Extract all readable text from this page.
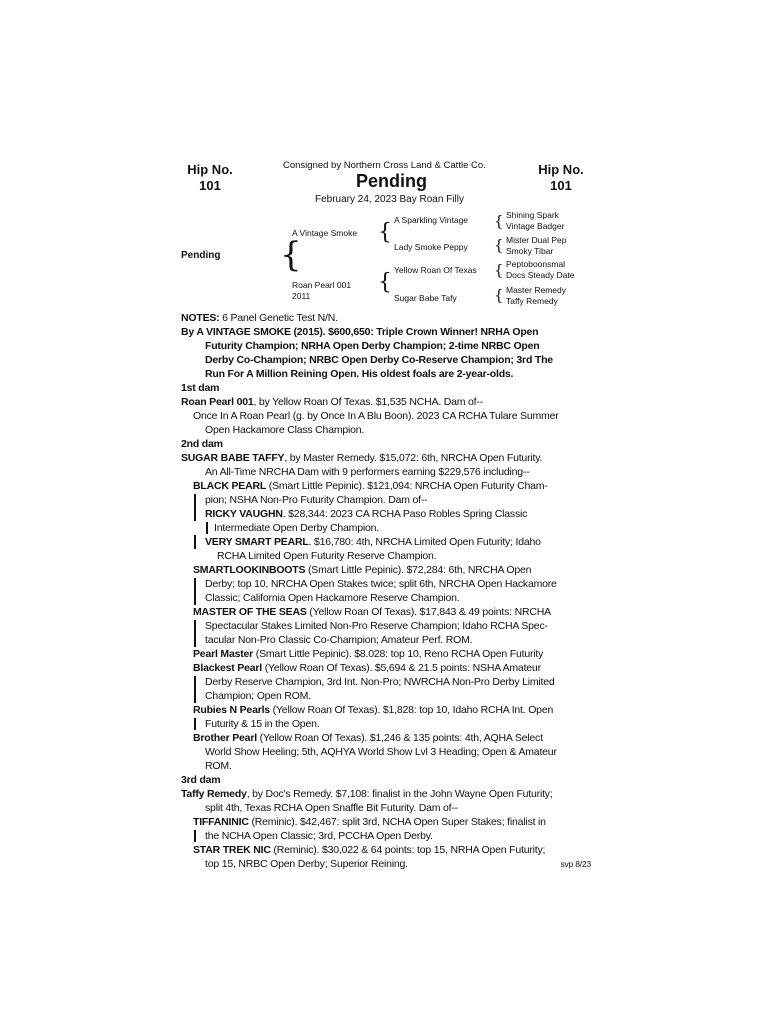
Hip No.
101
Hip No.
101
Consigned by Northern Cross Land & Cattle Co.
Pending
February 24, 2023 Bay Roan Filly
Pending {
A Vintage Smoke
Roan Pearl 001
2011
{
{
A Sparkling Vintage
Lady Smoke Peppy
Yellow Roan Of Texas
Sugar Babe Tafy
{
{
{
{
Shining Spark
Vintage Badger
Mister Dual Pep
Smoky Tibar
Peptoboonsmal
Docs Steady Date
Master Remedy
Taffy Remedy

NOTES: 6 Panel Genetic Test N/N.

By A VINTAGE SMOKE (2015). $600,650: Triple Crown Winner! NRHA Open

Futurity Champion; NRHA Open Derby Champion; 2-time NRBC Open

Derby Co-Champion; NRBC Open Derby Co-Reserve Champion; 3rd The

Run For A Million Reining Open. His oldest foals are 2-year-olds.

1st dam

Roan Pearl 001, by Yellow Roan Of Texas. $1,535 NCHA. Dam of--

Once In A Roan Pearl (g. by Once In A Blu Boon). 2023 CA RCHA Tulare Summer

Open Hackamore Class Champion.

2nd dam

SUGAR BABE TAFFY, by Master Remedy. $15,072: 6th, NRCHA Open Futurity.

An All-Time NRCHA Dam with 9 performers earning $229,576 including--

BLACK PEARL (Smart Little Pepinic). $121,094: NRCHA Open Futurity Cham-

pion; NSHA Non-Pro Futurity Champion. Dam of--

RICKY VAUGHN. $28,344: 2023 CA RCHA Paso Robles Spring Classic

Intermediate Open Derby Champion.

VERY SMART PEARL. $16,780: 4th, NRCHA Limited Open Futurity; Idaho

RCHA Limited Open Futurity Reserve Champion.

SMARTLOOKINBOOTS (Smart Little Pepinic). $72,284: 6th, NRCHA Open

Derby; top 10, NRCHA Open Stakes twice; split 6th, NRCHA Open Hackamore

Classic; California Open Hackamore Reserve Champion.

MASTER OF THE SEAS (Yellow Roan Of Texas). $17,843 & 49 points: NRCHA

Spectacular Stakes Limited Non-Pro Reserve Champion; Idaho RCHA Spec-

tacular Non-Pro Classic Co-Champion; Amateur Perf. ROM.

Pearl Master (Smart Little Pepinic). $8.028: top 10, Reno RCHA Open Futurity

Blackest Pearl (Yellow Roan Of Texas). $5,694 & 21.5 points: NSHA Amateur

Derby Reserve Champion, 3rd Int. Non-Pro; NWRCHA Non-Pro Derby Limited

Champion; Open ROM.

Rubies N Pearls (Yellow Roan Of Texas). $1,828: top 10, Idaho RCHA Int. Open

Futurity & 15 in the Open.

Brother Pearl (Yellow Roan Of Texas). $1,246 & 135 points: 4th, AQHA Select

World Show Heeling; 5th, AQHYA World Show Lvl 3 Heading; Open & Amateur

ROM.

3rd dam

Taffy Remedy, by Doc's Remedy. $7,108: finalist in the John Wayne Open Futurity;

split 4th, Texas RCHA Open Snaffle Bit Futurity. Dam of--

TIFFANINIC (Reminic). $42,467: split 3rd, NCHA Open Super Stakes; finalist in

the NCHA Open Classic; 3rd, PCCHA Open Derby.

STAR TREK NIC (Reminic). $30,022 & 64 points: top 15, NRHA Open Futurity;

top 15, NRBC Open Derby; Superior Reining.	svp 8/23
